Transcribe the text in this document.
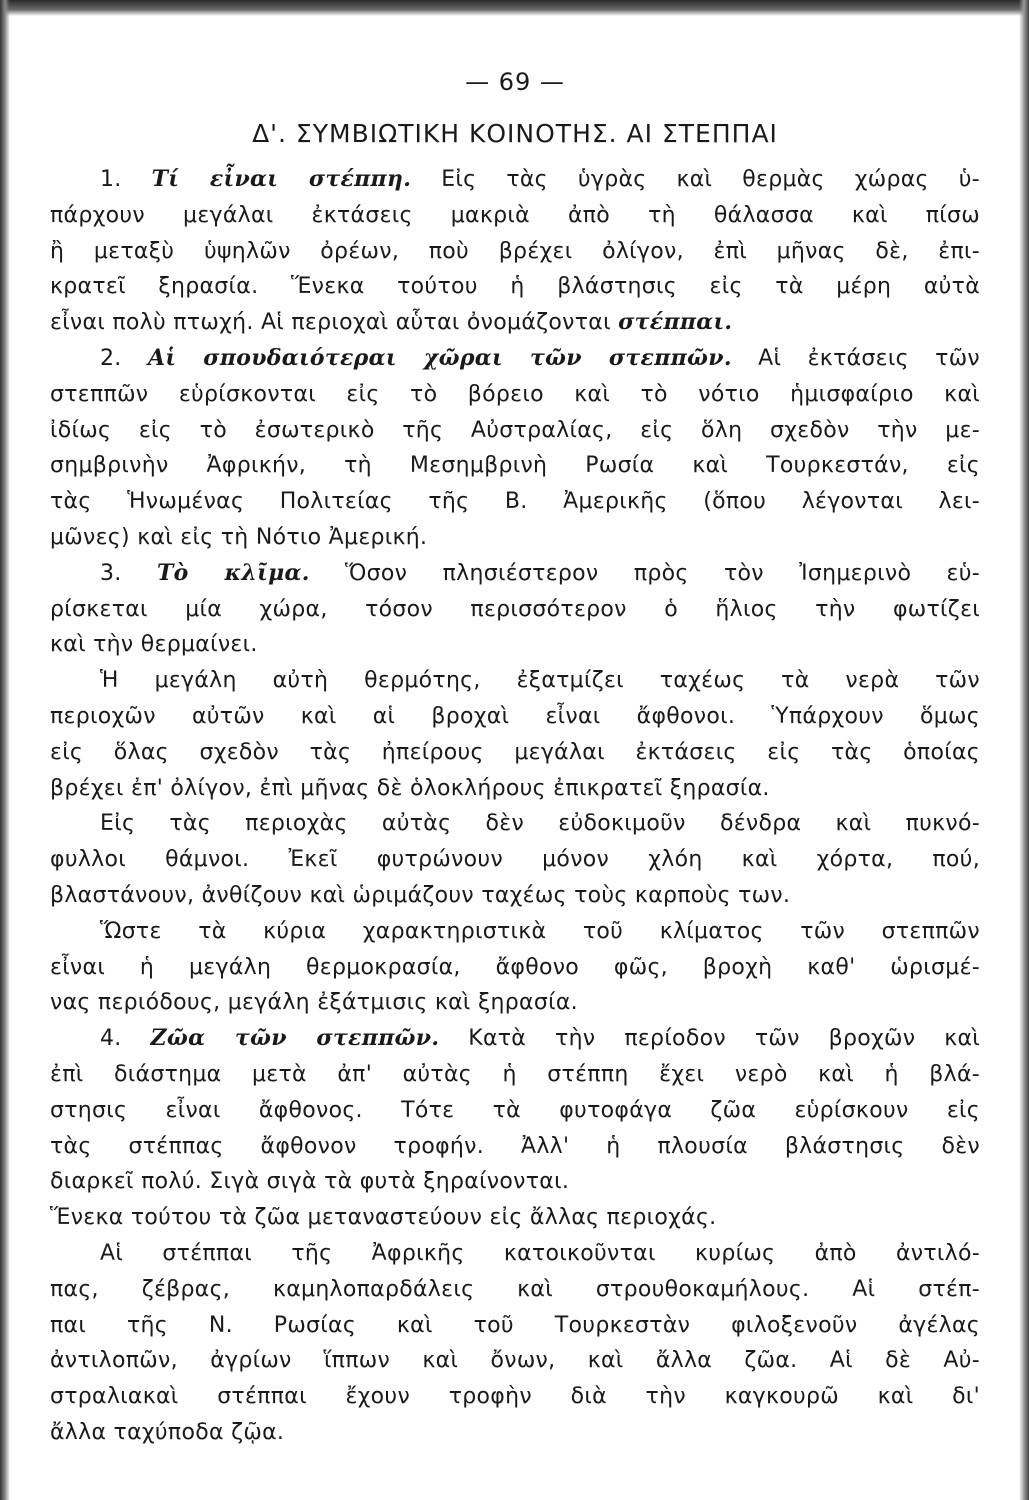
— 69 —
Δ'. ΣΥΜΒΙΩΤΙΚΗ ΚΟΙΝΟΤΗΣ. ΑΙ ΣΤΕΠΠΑΙ
1. Τί εἶναι στέππη. Εἰς τὰς ὑγρὰς καὶ θερμὰς χώρας ὑ-
πάρχουν μεγάλαι ἐκτάσεις μακριὰ ἀπὸ τὴ θάλασσα καὶ πίσω
ἢ μεταξὺ ὑψηλῶν ὀρέων, ποὺ βρέχει ὀλίγον, ἐπὶ μῆνας δὲ, ἐπι-
κρατεῖ ξηρασία. Ἕνεκα τούτου ἡ βλάστησις εἰς τὰ μέρη αὐτὰ
εἶναι πολὺ πτωχή. Αἱ περιοχαὶ αὗται ὀνομάζονται στέππαι.
2. Αἱ σπουδαιότεραι χῶραι τῶν στεππῶν. Αἱ ἐκτάσεις τῶν
στεππῶν εὑρίσκονται εἰς τὸ βόρειο καὶ τὸ νότιο ἡμισφαίριο καὶ
ἰδίως εἰς τὸ ἐσωτερικὸ τῆς Αὐστραλίας, εἰς ὅλη σχεδὸν τὴν με-
σημβρινὴν Ἀφρικήν, τὴ Μεσημβρινὴ Ρωσία καὶ Τουρκεστάν, εἰς
τὰς Ἡνωμένας Πολιτείας τῆς Β. Ἀμερικῆς (ὅπου λέγονται λει-
μῶνες) καὶ εἰς τὴ Νότιο Ἀμερική.
3. Τὸ κλῖμα. Ὅσον πλησιέστερον πρὸς τὸν Ἰσημερινὸ εὑ-
ρίσκεται μία χώρα, τόσον περισσότερον ὁ ἥλιος τὴν φωτίζει
καὶ τὴν θερμαίνει.
Ἡ μεγάλη αὐτὴ θερμότης, ἐξατμίζει ταχέως τὰ νερὰ τῶν
περιοχῶν αὐτῶν καὶ αἱ βροχαὶ εἶναι ἄφθονοι. Ὑπάρχουν ὅμως
εἰς ὅλας σχεδὸν τὰς ἠπείρους μεγάλαι ἐκτάσεις εἰς τὰς ὁποίας
βρέχει ἐπ' ὀλίγον, ἐπὶ μῆνας δὲ ὁλοκλήρους ἐπικρατεῖ ξηρασία.
Εἰς τὰς περιοχὰς αὐτὰς δὲν εὐδοκιμοῦν δένδρα καὶ πυκνό-
φυλλοι θάμνοι. Ἐκεῖ φυτρώνουν μόνον χλόη καὶ χόρτα, πού,
βλαστάνουν, ἀνθίζουν καὶ ὡριμάζουν ταχέως τοὺς καρποὺς των.
Ὥστε τὰ κύρια χαρακτηριστικὰ τοῦ κλίματος τῶν στεππῶν
εἶναι ἡ μεγάλη θερμοκρασία, ἄφθονο φῶς, βροχὴ καθ' ὡρισμέ-
νας περιόδους, μεγάλη ἐξάτμισις καὶ ξηρασία.
4. Ζῶα τῶν στεππῶν. Κατὰ τὴν περίοδον τῶν βροχῶν καὶ
ἐπὶ διάστημα μετὰ ἀπ' αὐτὰς ἡ στέππη ἔχει νερὸ καὶ ἡ βλά-
στησις εἶναι ἄφθονος. Τότε τὰ φυτοφάγα ζῶα εὑρίσκουν εἰς
τὰς στέππας ἄφθονον τροφήν. Ἀλλ' ἡ πλουσία βλάστησις δὲν
διαρκεῖ πολύ. Σιγὰ σιγὰ τὰ φυτὰ ξηραίνονται.
Ἕνεκα τούτου τὰ ζῶα μεταναστεύουν εἰς ἄλλας περιοχάς.
Αἱ στέππαι τῆς Ἀφρικῆς κατοικοῦνται κυρίως ἀπὸ ἀντιλό-
πας, ζέβρας, καμηλοπαρδάλεις καὶ στρουθοκαμήλους. Αἱ στέπ-
παι τῆς Ν. Ρωσίας καὶ τοῦ Τουρκεστὰν φιλοξενοῦν ἀγέλας
ἀντιλοπῶν, ἀγρίων ἵππων καὶ ὄνων, καὶ ἄλλα ζῶα. Αἱ δὲ Αὐ-
στραλιακαὶ στέππαι ἔχουν τροφὴν διὰ τὴν καγκουρῶ καὶ δι'
ἄλλα ταχύποδα ζῷα.
